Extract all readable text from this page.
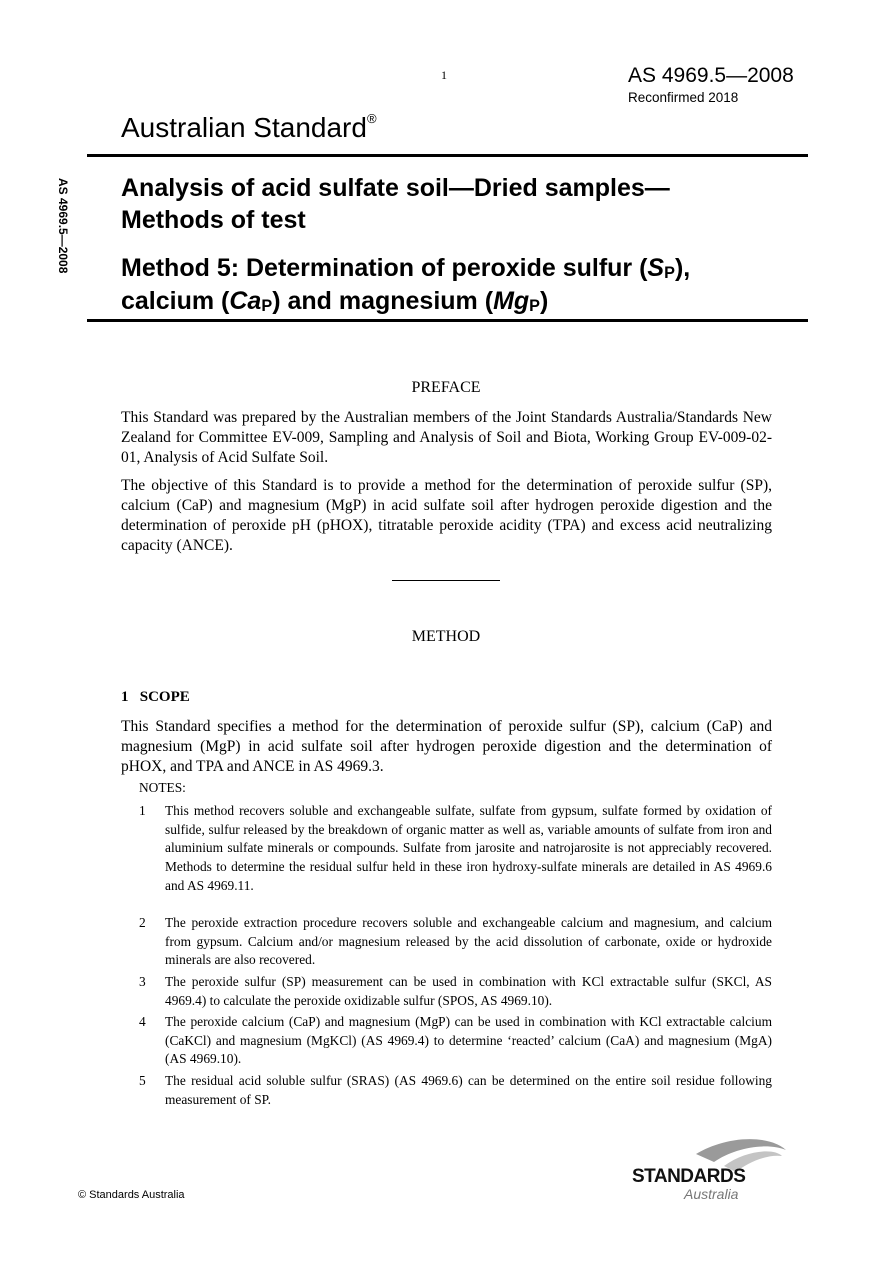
1	AS 4969.5—2008
Reconfirmed 2018
Australian Standard®
AS 4969.5—2008 Analysis of acid sulfate soil—Dried samples—
Methods of test
Method 5: Determination of peroxide sulfur $(S_P)$,
calcium $(Ca_P)$ and magnesium $(Mg_P)$
PREFACE
This Standard was prepared by the Australian members of the Joint Standards Australia/Standards New Zealand for Committee EV-009, Sampling and Analysis of Soil and Biota, Working Group EV-009-02-01, Analysis of Acid Sulfate Soil.
The objective of this Standard is to provide a method for the determination of peroxide sulfur (SP), calcium (CaP) and magnesium (MgP) in acid sulfate soil after hydrogen peroxide digestion and the determination of peroxide pH (pHOX), titratable peroxide acidity (TPA) and excess acid neutralizing capacity (ANCE).
METHOD
1   SCOPE
This Standard specifies a method for the determination of peroxide sulfur (SP), calcium (CaP) and magnesium (MgP) in acid sulfate soil after hydrogen peroxide digestion and the determination of pHOX, and TPA and ANCE in AS 4969.3.
NOTES:
1 This method recovers soluble and exchangeable sulfate, sulfate from gypsum, sulfate formed by oxidation of sulfide, sulfur released by the breakdown of organic matter as well as, variable amounts of sulfate from iron and aluminium sulfate minerals or compounds. Sulfate from jarosite and natrojarosite is not appreciably recovered. Methods to determine the residual sulfur held in these iron hydroxy-sulfate minerals are detailed in AS 4969.6 and AS 4969.11.
2 The peroxide extraction procedure recovers soluble and exchangeable calcium and magnesium, and calcium from gypsum. Calcium and/or magnesium released by the acid dissolution of carbonate, oxide or hydroxide minerals are also recovered.
3 The peroxide sulfur (SP) measurement can be used in combination with KCl extractable sulfur (SKCl, AS 4969.4) to calculate the peroxide oxidizable sulfur (SPOS, AS 4969.10).
4 The peroxide calcium (CaP) and magnesium (MgP) can be used in combination with KCl extractable calcium (CaKCl) and magnesium (MgKCl) (AS 4969.4) to determine ‘reacted’ calcium (CaA) and magnesium (MgA) (AS 4969.10).
5 The residual acid soluble sulfur (SRAS) (AS 4969.6) can be determined on the entire soil residue following measurement of SP.
© Standards Australia
STANDARDS
Australia
